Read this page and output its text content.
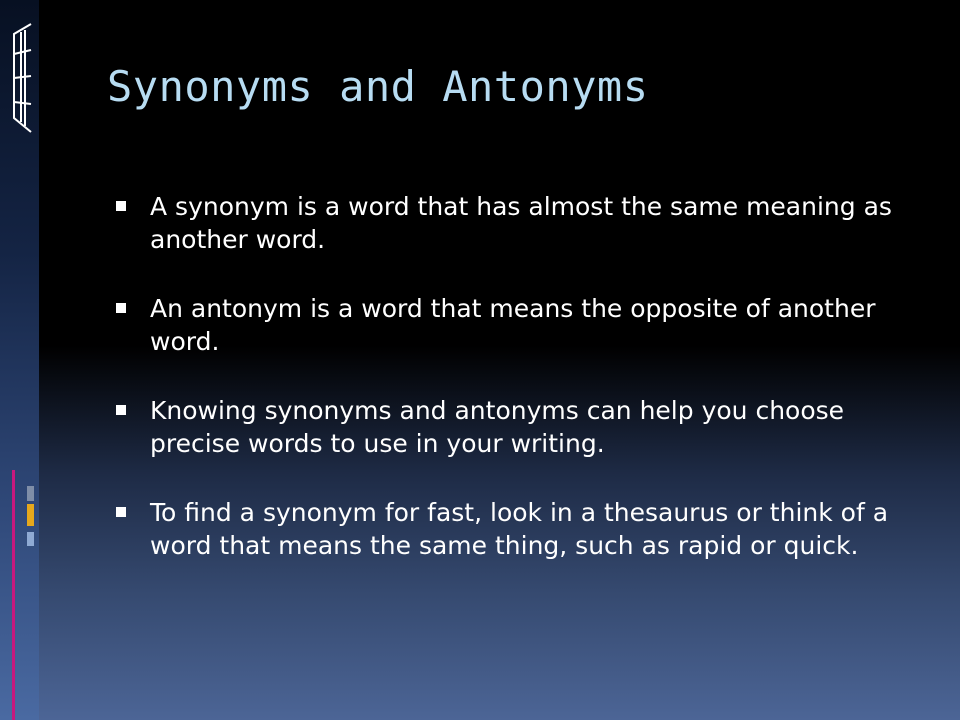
Synonyms and Antonyms
A synonym is a word that has almost the same meaning as another word.
An antonym is a word that means the opposite of another word.
Knowing synonyms and antonyms can help you choose precise words to use in your writing.
To find a synonym for fast, look in a thesaurus or think of a word that means the same thing, such as rapid or quick.
